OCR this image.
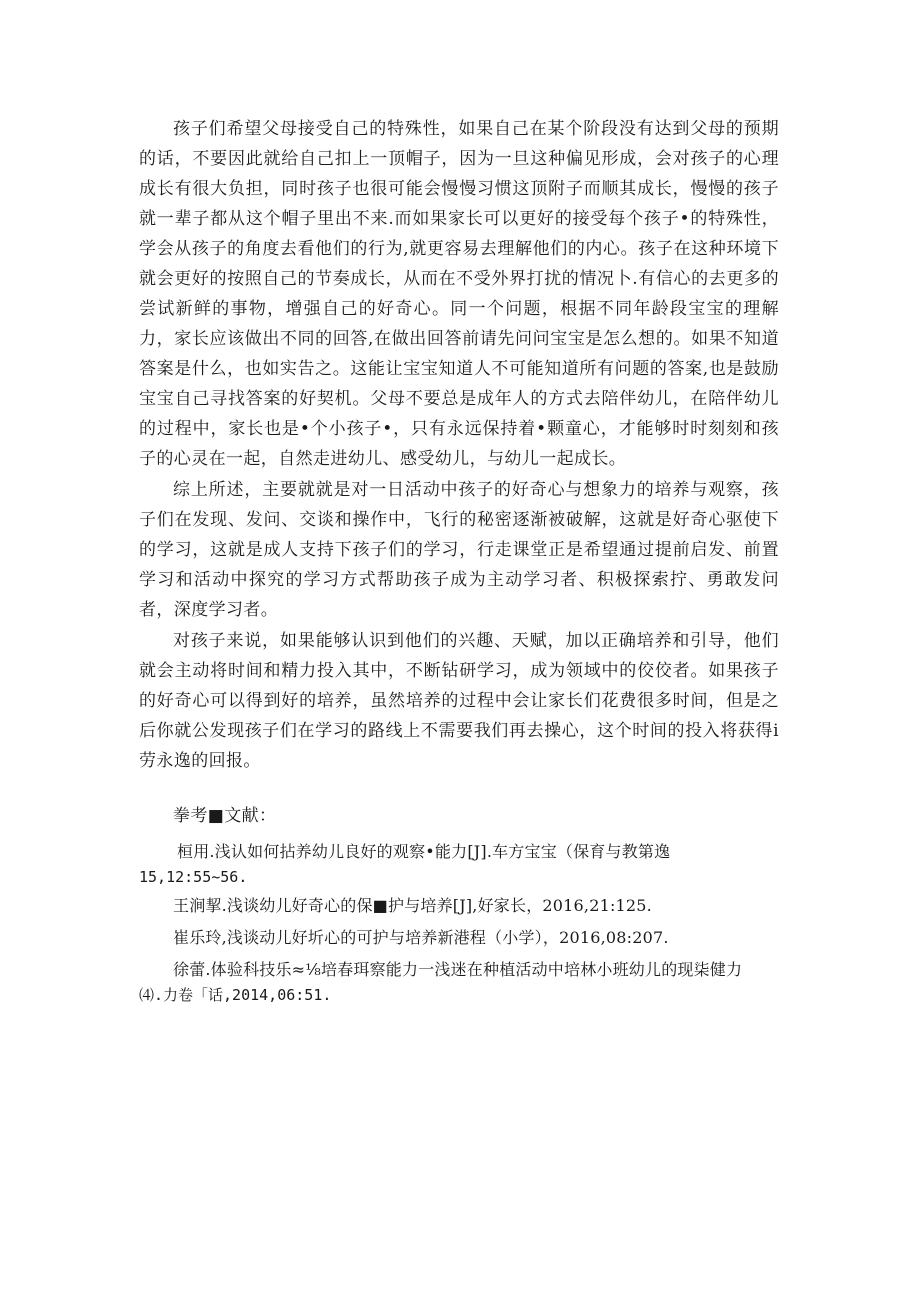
孩子们希望父母接受自己的特殊性，如果自己在某个阶段没有达到父母的预期的话，不要因此就给自己扣上一顶帽子，因为一旦这种偏见形成，会对孩子的心理成长有很大负担，同时孩子也很可能会慢慢习惯这顶附子而顺其成长，慢慢的孩子就一辈子都从这个帽子里出不来.而如果家长可以更好的接受每个孩子•的特殊性，学会从孩子的角度去看他们的行为,就更容易去理解他们的内心。孩子在这种环境下就会更好的按照自己的节奏成长，从而在不受外界打扰的情况卜.有信心的去更多的尝试新鲜的事物，增强自己的好奇心。同一个问题，根据不同年龄段宝宝的理解力，家长应该做出不同的回答,在做出回答前请先问问宝宝是怎么想的。如果不知道答案是什么，也如实告之。这能让宝宝知道人不可能知道所有问题的答案,也是鼓励宝宝自己寻找答案的好契机。父母不要总是成年人的方式去陪伴幼儿，在陪伴幼儿的过程中，家长也是•个小孩子•，只有永远保持着•颗童心，才能够时时刻刻和孩子的心灵在一起，自然走进幼儿、感受幼儿，与幼儿一起成长。

综上所述，主要就就是对一日活动中孩子的好奇心与想象力的培养与观察，孩子们在发现、发问、交谈和操作中，飞行的秘密逐渐被破解，这就是好奇心驱使下的学习，这就是成人支持下孩子们的学习，行走课堂正是希望通过提前启发、前置学习和活动中探究的学习方式帮助孩子成为主动学习者、积极探索拧、勇敢发问者，深度学习者。

对孩子来说，如果能够认识到他们的兴趣、天赋，加以正确培养和引导，他们就会主动将时间和精力投入其中，不断钻研学习，成为领域中的佼佼者。如果孩子的好奇心可以得到好的培养，虽然培养的过程中会让家长们花费很多时间，但是之后你就公发现孩子们在学习的路线上不需要我们再去操心，这个时间的投入将获得i劳永逸的回报。

拳考■文献：

桓用.浅认如何拈养幼儿良好的观察•能力[J].车方宝宝（保育与教第逸

15,12:55~56.

王涧挈.浅谈幼儿好奇心的保■护与培养[J],好家长，2016,21:125.

崔乐玲,浅谈动儿好圻心的可护与培养新港程（小学），2016,08:207.

徐蕾.体验科技乐≈⅛培春珥察能力一浅迷在种植活动中培林小班幼儿的现柒健力

⑷.力卷「话,2014,06:51.
